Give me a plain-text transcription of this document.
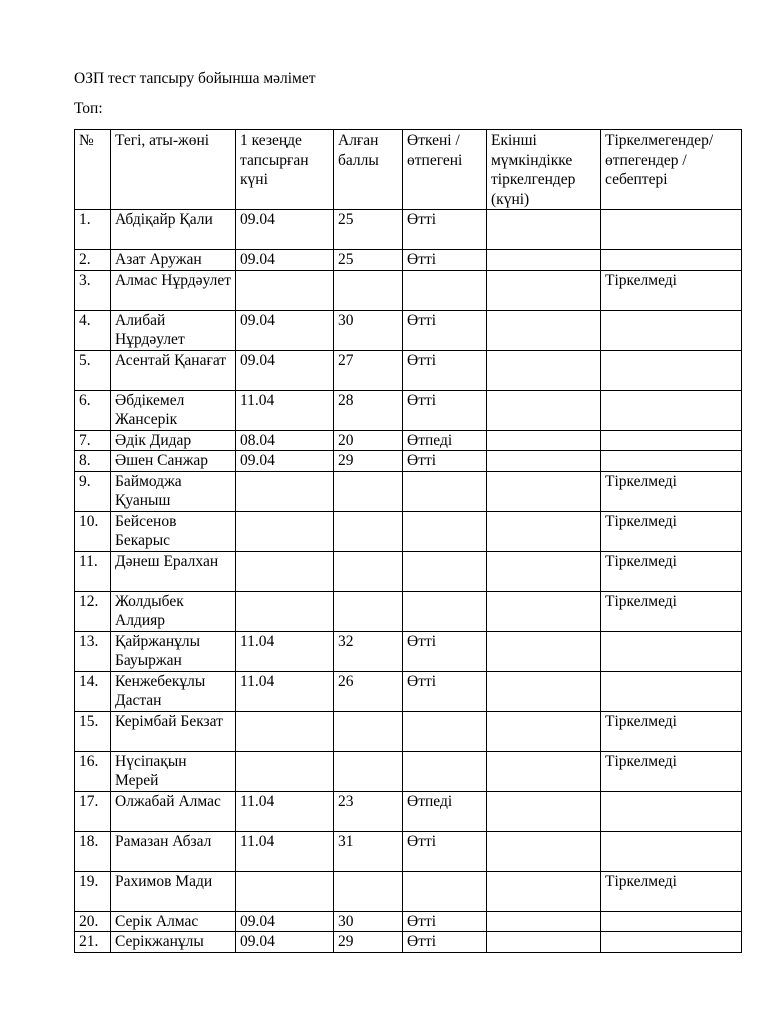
ОЗП тест тапсыру бойынша мәлімет
Топ:
№	Тегі, аты-жөні	1 кезеңде тапсырған күні	Алған баллы	Өткені / өтпегені	Екінші мүмкіндікке тіркелгендер (күні)	Тіркелмегендер/ өтпегендер / себептері
1.	Абдіқайр Қали	09.04	25	Өтті		
2.	Азат Аружан	09.04	25	Өтті		
3.	Алмас Нұрдәулет					Тіркелмеді
4.	Алибай Нұрдәулет	09.04	30	Өтті		
5.	Асентай Қанағат	09.04	27	Өтті		
6.	Әбдікемел Жансерік	11.04	28	Өтті		
7.	Әдік Дидар	08.04	20	Өтпеді		
8.	Әшен Санжар	09.04	29	Өтті		
9.	Баймоджа Қуаныш					Тіркелмеді
10.	Бейсенов Бекарыс					Тіркелмеді
11.	Дәнеш Ералхан					Тіркелмеді
12.	Жолдыбек Алдияр					Тіркелмеді
13.	Қайржанұлы Бауыржан	11.04	32	Өтті		
14.	Кенжебекұлы Дастан	11.04	26	Өтті		
15.	Керімбай Бекзат					Тіркелмеді
16.	Нүсіпақын Мерей					Тіркелмеді
17.	Олжабай Алмас	11.04	23	Өтпеді		
18.	Рамазан Абзал	11.04	31	Өтті		
19.	Рахимов Мади					Тіркелмеді
20.	Серік Алмас	09.04	30	Өтті		
21.	Серікжанұлы	09.04	29	Өтті		
